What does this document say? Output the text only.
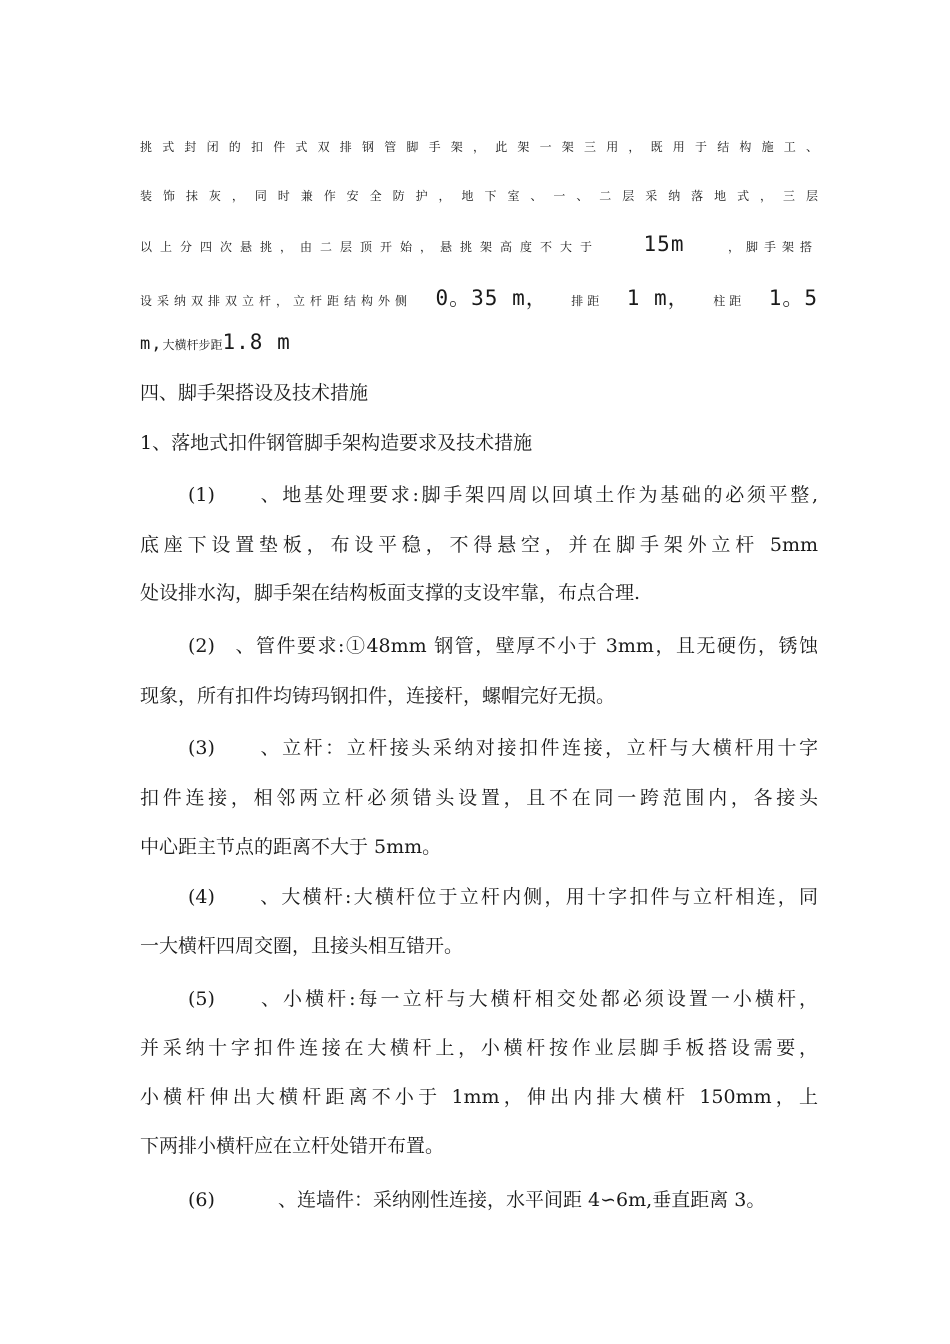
挑式封闭的扣件式双排钢管脚手架，此架一架三用，既用于结构施工、
装饰抹灰，同时兼作安全防护，地下室、一、二层采纳落地式，三层
以上分四次悬挑，由二层顶开始，悬挑架高度不大于 15m	，脚手架搭
设采纳双排双立杆，立杆距结构外侧 0。35 m， 排距 1 m， 柱距 1。5
m, 大横杆步距 1.8 m
四、脚手架搭设及技术措施
1、落地式扣件钢管脚手架构造要求及技术措施
(1) 、地基处理要求:脚手架四周以回填土作为基础的必须平整,
底座下设置垫板，布设平稳，不得悬空，并在脚手架外立杆 5mm
处设排水沟，脚手架在结构板面支撑的支设牢靠，布点合理.
(2) 、管件要求:①48mm 钢管，壁厚不小于 3mm，且无硬伤，锈蚀
现象，所有扣件均铸玛钢扣件，连接杆，螺帽完好无损。
(3) 、立杆：立杆接头采纳对接扣件连接，立杆与大横杆用十字
扣件连接，相邻两立杆必须错头设置，且不在同一跨范围内，各接头
中心距主节点的距离不大于 5mm。
(4) 、大横杆:大横杆位于立杆内侧，用十字扣件与立杆相连，同
一大横杆四周交圈，且接头相互错开。
(5) 、小横杆:每一立杆与大横杆相交处都必须设置一小横杆，
并采纳十字扣件连接在大横杆上，小横杆按作业层脚手板搭设需要，
小横杆伸出大横杆距离不小于 1mm，伸出内排大横杆 150mm，上
下两排小横杆应在立杆处错开布置。
(6)	、连墙件：采纳刚性连接，水平间距 4∽6m,垂直距离 3。
